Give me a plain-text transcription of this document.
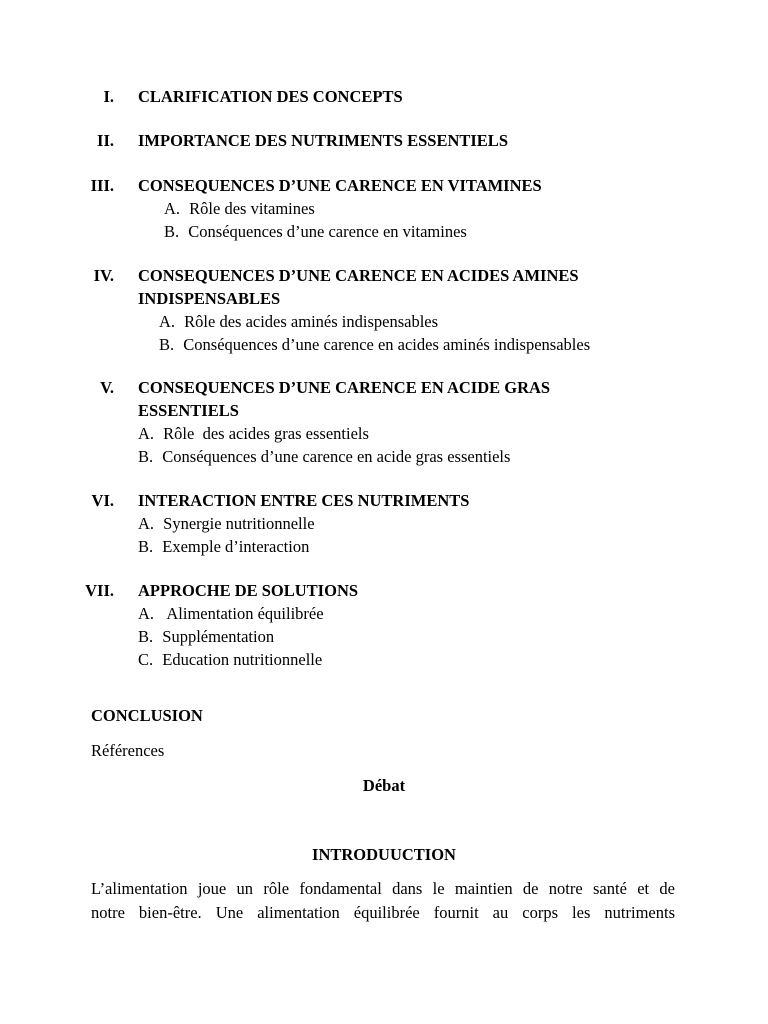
I. CLARIFICATION DES CONCEPTS
II. IMPORTANCE DES NUTRIMENTS ESSENTIELS
III. CONSEQUENCES D’UNE CARENCE EN VITAMINES
A. Rôle des vitamines
B. Conséquences d’une carence en vitamines
IV. CONSEQUENCES D’UNE CARENCE EN ACIDES AMINES
INDISPENSABLES
A. Rôle des acides aminés indispensables
B. Conséquences d’une carence en acides aminés indispensables
V. CONSEQUENCES D’UNE CARENCE EN ACIDE GRAS
ESSENTIELS
A. Rôle  des acides gras essentiels
B. Conséquences d’une carence en acide gras essentiels
VI. INTERACTION ENTRE CES NUTRIMENTS
A. Synergie nutritionnelle
B. Exemple d’interaction
VII. APPROCHE DE SOLUTIONS
A.  Alimentation équilibrée
B. Supplémentation
C. Education nutritionnelle
CONCLUSION
Références
Débat
INTRODUUCTION
L’alimentation joue un rôle fondamental dans le maintien de notre santé et de
notre bien-être. Une alimentation équilibrée fournit au corps les nutriments
